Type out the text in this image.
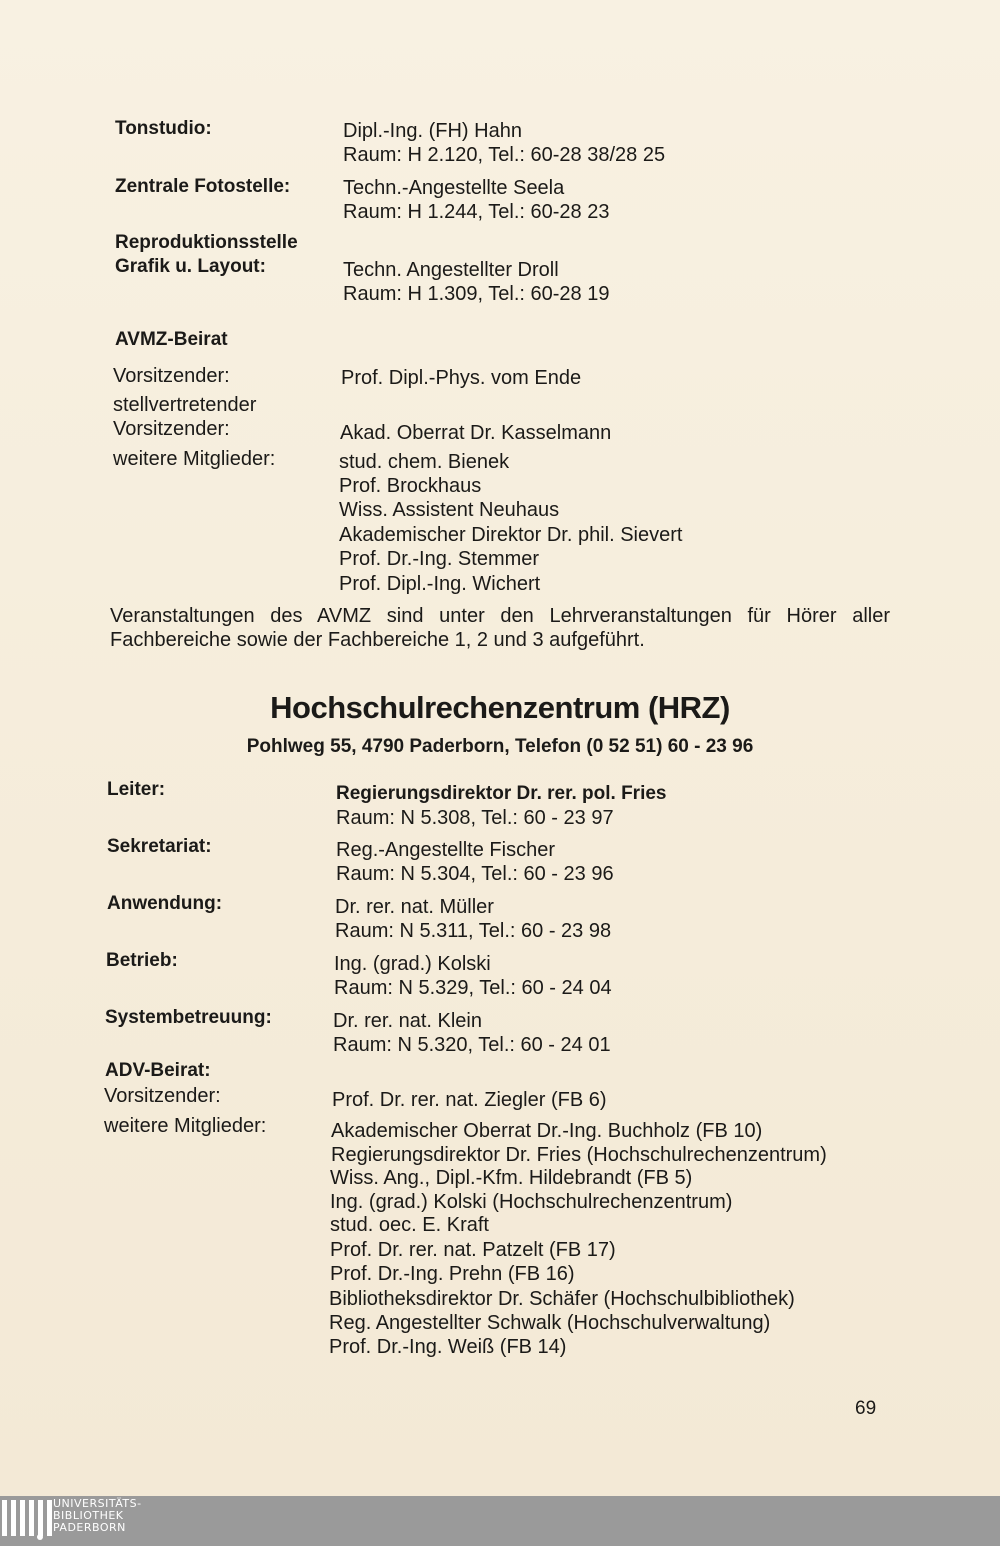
Tonstudio:	Dipl.-Ing. (FH) Hahn
Raum: H 2.120, Tel.: 60-28 38/28 25
Zentrale Fotostelle:	Techn.-Angestellte Seela
Raum: H 1.244, Tel.: 60-28 23
Reproduktionsstelle
Grafik u. Layout:	Techn. Angestellter Droll
Raum: H 1.309, Tel.: 60-28 19
AVMZ-Beirat
Vorsitzender:	Prof. Dipl.-Phys. vom Ende
stellvertretender
Vorsitzender:	Akad. Oberrat Dr. Kasselmann
weitere Mitglieder:	stud. chem. Bienek
Prof. Brockhaus
Wiss. Assistent Neuhaus
Akademischer Direktor Dr. phil. Sievert
Prof. Dr.-Ing. Stemmer
Prof. Dipl.-Ing. Wichert
Veranstaltungen des AVMZ sind unter den Lehrveranstaltungen für Hörer aller Fachbereiche sowie der Fachbereiche 1, 2 und 3 aufgeführt.
Hochschulrechenzentrum (HRZ)
Pohlweg 55, 4790 Paderborn, Telefon (0 52 51) 60 - 23 96
Leiter:	Regierungsdirektor Dr. rer. pol. Fries
Raum: N 5.308, Tel.: 60 - 23 97
Sekretariat:	Reg.-Angestellte Fischer
Raum: N 5.304, Tel.: 60 - 23 96
Anwendung:	Dr. rer. nat. Müller
Raum: N 5.311, Tel.: 60 - 23 98
Betrieb:	Ing. (grad.) Kolski
Raum: N 5.329, Tel.: 60 - 24 04
Systembetreuung:	Dr. rer. nat. Klein
Raum: N 5.320, Tel.: 60 - 24 01
ADV-Beirat:
Vorsitzender:	Prof. Dr. rer. nat. Ziegler (FB 6)
weitere Mitglieder:	Akademischer Oberrat Dr.-Ing. Buchholz (FB 10)
Regierungsdirektor Dr. Fries (Hochschulrechenzentrum)
Wiss. Ang., Dipl.-Kfm. Hildebrandt (FB 5)
Ing. (grad.) Kolski (Hochschulrechenzentrum)
stud. oec. E. Kraft
Prof. Dr. rer. nat. Patzelt (FB 17)
Prof. Dr.-Ing. Prehn (FB 16)
Bibliotheksdirektor Dr. Schäfer (Hochschulbibliothek)
Reg. Angestellter Schwalk (Hochschulverwaltung)
Prof. Dr.-Ing. Weiß (FB 14)
69
UNIVERSITÄTS-
BIBLIOTHEK
PADERBORN
